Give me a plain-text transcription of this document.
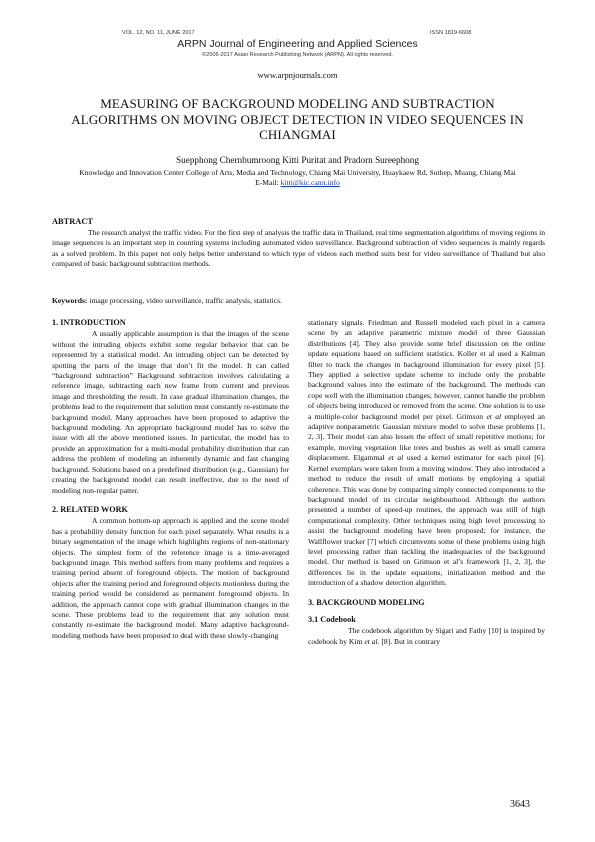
VOL. 12, NO. 11, JUNE 2017	ISSN 1819-6608
ARPN Journal of Engineering and Applied Sciences
©2006-2017 Asian Research Publishing Network (ARPN). All rights reserved.
www.arpnjournals.com
MEASURING OF BACKGROUND MODELING AND SUBTRACTION ALGORITHMS ON MOVING OBJECT DETECTION IN VIDEO SEQUENCES IN CHIANGMAI
Suepphong Chernbumroong Kitti Puritat and Pradorn Sureephong
Knowledge and Innovation Center College of Arts, Media and Technology, Chiang Mai University, Huaykaew Rd, Suthep, Muang, Chiang Mai
E-Mail: kitti@kic.camt.info
ABTRACT

The research analyst the traffic video. For the first step of analysis the traffic data in Thailand, real time segmentation algorithms of moving regions in image sequences is an important step in counting systems including automated video surveillance. Background subtraction of video sequences is mainly regards as a solved problem. In this paper not only helps better understand to which type of videos each method suits best for video surveillance of Thailand but also compared of basic background subtraction methods.

Keywords: image processing, video surveillance, traffic analysis, statistics.
1. INTRODUCTION

A usually applicable assumption is that the images of the scene without the intruding objects exhibit some regular behavior that can be represented by a statistical model. An intruding object can be detected by spotting the parts of the image that don’t fit the model. It can called “background subtraction” Background subtraction involves calculating a reference image, subtracting each new frame from current and previous image and thresholding the result. In case gradual illumination changes, the problems lead to the requirement that solution must constantly re-estimate the background model. Many approaches have been proposed to adaptive the background modeling. An appropriate background model has to solve the issue with all the above mentioned issues. In particular, the model has to provide an approximation for a multi-modal probability distribution that can address the problem of modeling an inherently dynamic and fast changing background. Solutions based on a predefined distribution (e.g., Gaussian) for creating the background model can result ineffective, due to the need of modeling non-regular patter.

2. RELATED WORK

A common bottom-up approach is applied and the scene model has a probability density function for each pixel separately. What results is a binary segmentation of the image which highlights regions of non-stationary objects. The simplest form of the reference image is a time-averaged background image. This method suffers from many problems and requires a training period absent of foreground objects. The motion of background objects after the training period and foreground objects motionless during the training period would be considered as permanent foreground objects. In addition, the approach cannot cope with gradual illumination changes in the scene. These problems lead to the requirement that any solution must constantly re-estimate the background model. Many adaptive background-modeling methods have been proposed to deal with these slowly-changing

stationary signals. Friedman and Russell modeled each pixel in a camera scene by an adaptive parametric mixture model of three Gaussian distributions [4]. They also provide some brief discussion on the online update equations based on sufficient statistics. Koller et al used a Kalman filter to track the changes in background illumination for every pixel [5]. They applied a selective update scheme to include only the probable background values into the estimate of the background. The methods can cope well with the illumination changes; however, cannot handle the problem of objects being introduced or removed from the scene. One solution is to use a multiple-color background model per pixel. Grimson et al employed an adaptive nonparametric Gaussian mixture model to solve these problems [1, 2, 3]. Their model can also lessen the effect of small repetitive motions; for example, moving vegetation like trees and bushes as well as small camera displacement. Elgammal et al used a kernel estimator for each pixel [6]. Kernel exemplars were taken from a moving window. They also introduced a method to reduce the result of small motions by employing a spatial coherence. This was done by comparing simply connected components to the background model of its circular neighbourhood. Although the authors presented a number of speed-up routines, the approach was still of high computational complexity. Other techniques using high level processing to assist the background modeling have been proposed; for instance, the Wallflower tracker [7] which circumvents some of these problems using high level processing rather than tackling the inadequacies of the background model. Our method is based on Grimson et al’s framework [1, 2, 3], the differences lie in the update equations, initialization method and the introduction of a shadow detection algorithm.

3. BACKGROUND MODELING
3.1 Codebook

The codebook algorithm by Sigari and Fathy [10] is inspired by codebook by Kim et al. [8]. But in contrary

3643
